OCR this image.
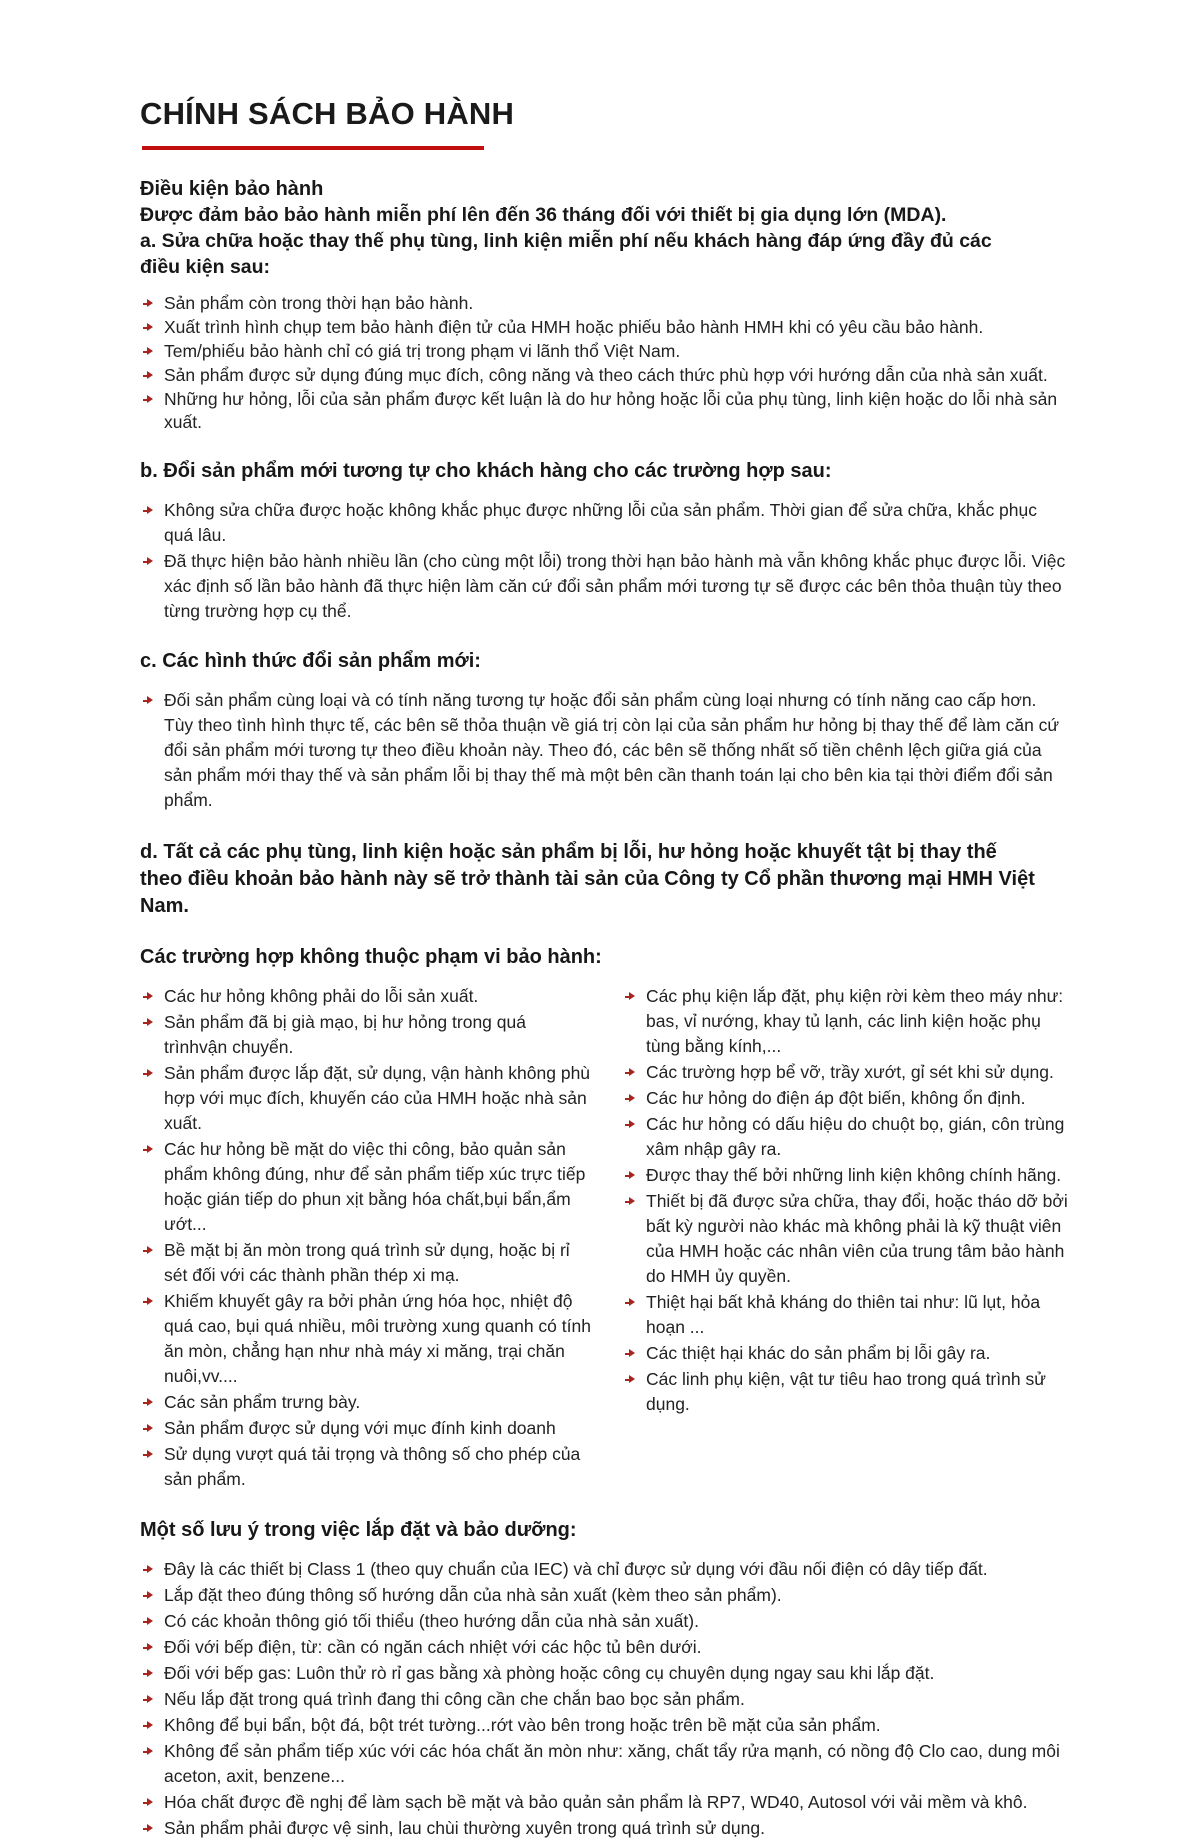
CHÍNH SÁCH BẢO HÀNH
Điều kiện bảo hành

Được đảm bảo bảo hành miễn phí lên đến 36 tháng đối với thiết bị gia dụng lớn (MDA).

a. Sửa chữa hoặc thay thế phụ tùng, linh kiện miễn phí nếu khách hàng đáp ứng đầy đủ các điều kiện sau:

Sản phẩm còn trong thời hạn bảo hành.
Xuất trình hình chụp tem bảo hành điện tử của HMH hoặc phiếu bảo hành HMH khi có yêu cầu bảo hành.
Tem/phiếu bảo hành chỉ có giá trị trong phạm vi lãnh thổ Việt Nam.
Sản phẩm được sử dụng đúng mục đích, công năng và theo cách thức phù hợp với hướng dẫn của nhà sản xuất.
Những hư hỏng, lỗi của sản phẩm được kết luận là do hư hỏng hoặc lỗi của phụ tùng, linh kiện hoặc do lỗi nhà sản xuất.
b. Đổi sản phẩm mới tương tự cho khách hàng cho các trường hợp sau:
Không sửa chữa được hoặc không khắc phục được những lỗi của sản phẩm. Thời gian để sửa chữa, khắc phục quá lâu.
Đã thực hiện bảo hành nhiều lần (cho cùng một lỗi) trong thời hạn bảo hành mà vẫn không khắc phục được lỗi. Việc xác định số lần bảo hành đã thực hiện làm căn cứ đổi sản phẩm mới tương tự sẽ được các bên thỏa thuận tùy theo từng trường hợp cụ thể.
c. Các hình thức đổi sản phẩm mới:
Đối sản phẩm cùng loại và có tính năng tương tự hoặc đổi sản phẩm cùng loại nhưng có tính năng cao cấp hơn. Tùy theo tình hình thực tế, các bên sẽ thỏa thuận về giá trị còn lại của sản phẩm hư hỏng bị thay thế để làm căn cứ đổi sản phẩm mới tương tự theo điều khoản này. Theo đó, các bên sẽ thống nhất số tiền chênh lệch giữa giá của sản phẩm mới thay thế và sản phẩm lỗi bị thay thế mà một bên cần thanh toán lại cho bên kia tại thời điểm đổi sản phẩm.

d. Tất cả các phụ tùng, linh kiện hoặc sản phẩm bị lỗi, hư hỏng hoặc khuyết tật bị thay thế theo điều khoản bảo hành này sẽ trở thành tài sản của Công ty Cổ phần thương mại HMH Việt Nam.

Các trường hợp không thuộc phạm vi bảo hành:
Các hư hỏng không phải do lỗi sản xuất.
Sản phẩm đã bị già mạo, bị hư hỏng trong quá trìnhvận chuyển.
Sản phẩm được lắp đặt, sử dụng, vận hành không phù hợp với mục đích, khuyến cáo của HMH hoặc nhà sản xuất.
Các hư hỏng bề mặt do việc thi công, bảo quản sản phẩm không đúng, như để sản phẩm tiếp xúc trực tiếp hoặc gián tiếp do phun xịt bằng hóa chất,bụi bẩn,ẩm ướt...
Bề mặt bị ăn mòn trong quá trình sử dụng, hoặc bị rỉ sét đối với các thành phần thép xi mạ.
Khiếm khuyết gây ra bởi phản ứng hóa học, nhiệt độ quá cao, bụi quá nhiều, môi trường xung quanh có tính ăn mòn, chẳng hạn như nhà máy xi măng, trại chăn nuôi,vv....
Các sản phẩm trưng bày.
Sản phẩm được sử dụng với mục đính kinh doanh
Sử dụng vượt quá tải trọng và thông số cho phép của sản phẩm.
Các phụ kiện lắp đặt, phụ kiện rời kèm theo máy như: bas, vỉ nướng, khay tủ lạnh, các linh kiện hoặc phụ tùng bằng kính,...
Các trường hợp bể vỡ, trầy xướt, gỉ sét khi sử dụng.
Các hư hỏng do điện áp đột biến, không ổn định.
Các hư hỏng có dấu hiệu do chuột bọ, gián, côn trùng xâm nhập gây ra.
Được thay thế bởi những linh kiện không chính hãng.
Thiết bị đã được sửa chữa, thay đổi, hoặc tháo dỡ bởi bất kỳ người nào khác mà không phải là kỹ thuật viên của HMH hoặc các nhân viên của trung tâm bảo hành do HMH ủy quyền.
Thiệt hại bất khả kháng do thiên tai như: lũ lụt, hỏa hoạn ...
Các thiệt hại khác do sản phẩm bị lỗi gây ra.
Các linh phụ kiện, vật tư tiêu hao trong quá trình sử dụng.
Một số lưu ý trong việc lắp đặt và bảo dưỡng:
Đây là các thiết bị Class 1 (theo quy chuẩn của IEC) và chỉ được sử dụng với đầu nối điện có dây tiếp đất.
Lắp đặt theo đúng thông số hướng dẫn của nhà sản xuất (kèm theo sản phẩm).
Có các khoản thông gió tối thiểu (theo hướng dẫn của nhà sản xuất).
Đối với bếp điện, từ: cần có ngăn cách nhiệt với các hộc tủ bên dưới.
Đối với bếp gas: Luôn thử rò rỉ gas bằng xà phòng hoặc công cụ chuyên dụng ngay sau khi lắp đặt.
Nếu lắp đặt trong quá trình đang thi công cần che chắn bao bọc sản phẩm.
Không để bụi bẩn, bột đá, bột trét tường...rớt vào bên trong hoặc trên bề mặt của sản phẩm.
Không để sản phẩm tiếp xúc với các hóa chất ăn mòn như: xăng, chất tẩy rửa mạnh, có nồng độ Clo cao, dung môi aceton, axit, benzene...
Hóa chất được đề nghị để làm sạch bề mặt và bảo quản sản phẩm là RP7, WD40, Autosol với vải mềm và khô.
Sản phẩm phải được vệ sinh, lau chùi thường xuyên trong quá trình sử dụng.
